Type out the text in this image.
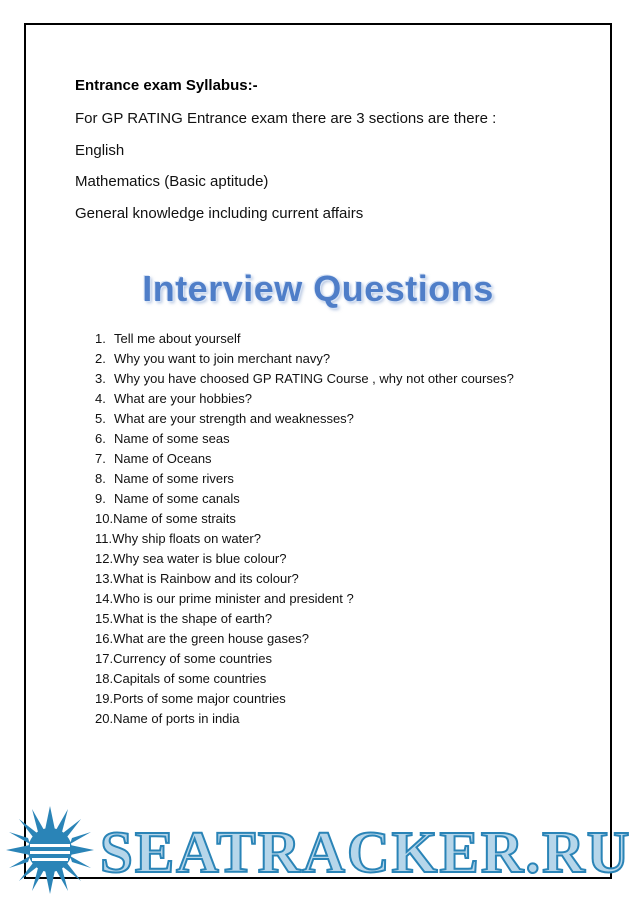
Entrance exam Syllabus:-
For GP RATING Entrance exam there are 3 sections are there :
English
Mathematics (Basic aptitude)
General knowledge including current affairs
Interview Questions
1. Tell me about yourself
2. Why you want to join merchant navy?
3. Why you have choosed GP RATING Course , why not other courses?
4. What are your hobbies?
5. What are your strength and weaknesses?
6. Name of some seas
7. Name of Oceans
8. Name of some rivers
9. Name of some canals
10. Name of some straits
11. Why ship floats on water?
12. Why sea water is blue colour?
13. What is Rainbow and its colour?
14. Who is our prime minister and president ?
15. What is the shape of earth?
16. What are the green house gases?
17. Currency of some countries
18. Capitals of some countries
19. Ports of some major countries
20. Name of ports in india
SEATRACKER.RU
